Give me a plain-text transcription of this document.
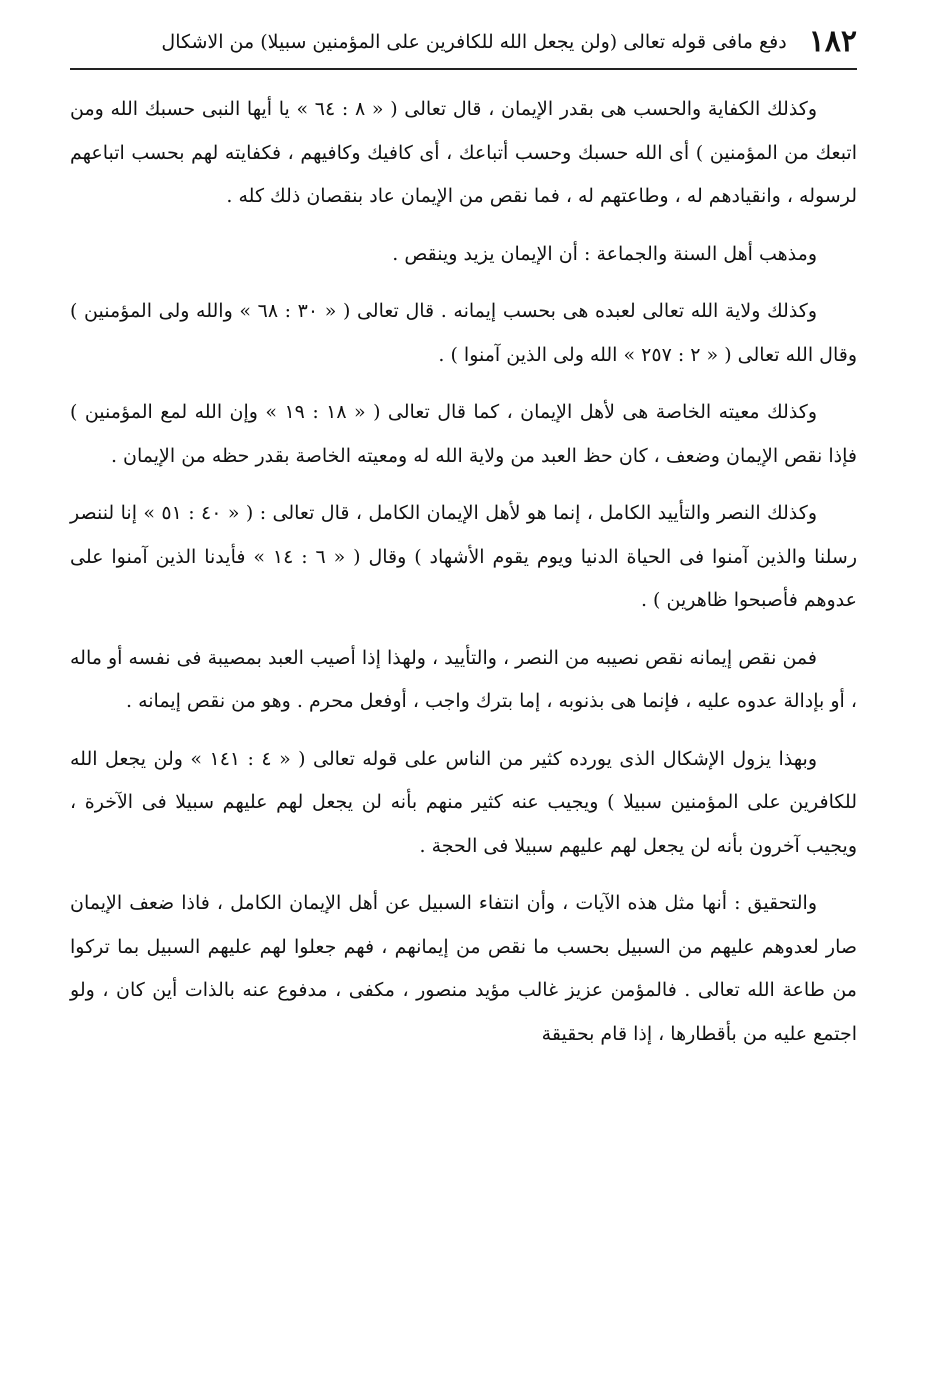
١٨٢
دفع مافى قوله تعالى (ولن يجعل الله للكافرين على المؤمنين سبيلا) من الاشكال

وكذلك الكفاية والحسب هى بقدر الإيمان ، قال تعالى ( « ٨ : ٦٤ » يا أيها النبى حسبك الله ومن اتبعك من المؤمنين ) أى الله حسبك وحسب أتباعك ، أى كافيك وكافيهم ، فكفايته لهم بحسب اتباعهم لرسوله ، وانقيادهم له ، وطاعتهم له ، فما نقص من الإيمان عاد بنقصان ذلك كله .

ومذهب أهل السنة والجماعة : أن الإيمان يزيد وينقص .

وكذلك ولاية الله تعالى لعبده هى بحسب إيمانه . قال تعالى ( « ٣٠ : ٦٨ » والله ولى المؤمنين ) وقال الله تعالى ( « ٢ : ٢٥٧ » الله ولى الذين آمنوا ) .

وكذلك معيته الخاصة هى لأهل الإيمان ، كما قال تعالى ( « ١٨ : ١٩ » وإن الله لمع المؤمنين ) فإذا نقص الإيمان وضعف ، كان حظ العبد من ولاية الله له ومعيته الخاصة بقدر حظه من الإيمان .

وكذلك النصر والتأييد الكامل ، إنما هو لأهل الإيمان الكامل ، قال تعالى : ( « ٤٠ : ٥١ » إنا لننصر رسلنا والذين آمنوا فى الحياة الدنيا ويوم يقوم الأشهاد ) وقال ( « ٦ : ١٤ » فأيدنا الذين آمنوا على عدوهم فأصبحوا ظاهرين ) .

فمن نقص إيمانه نقص نصيبه من النصر ، والتأييد ، ولهذا إذا أصيب العبد بمصيبة فى نفسه أو ماله ، أو بإدالة عدوه عليه ، فإنما هى بذنوبه ، إما بترك واجب ، أوفعل محرم . وهو من نقص إيمانه .

وبهذا يزول الإشكال الذى يورده كثير من الناس على قوله تعالى ( « ٤ : ١٤١ » ولن يجعل الله للكافرين على المؤمنين سبيلا ) ويجيب عنه كثير منهم بأنه لن يجعل لهم عليهم سبيلا فى الآخرة ، ويجيب آخرون بأنه لن يجعل لهم عليهم سبيلا فى الحجة .

والتحقيق : أنها مثل هذه الآيات ، وأن انتفاء السبيل عن أهل الإيمان الكامل ، فاذا ضعف الإيمان صار لعدوهم عليهم من السبيل بحسب ما نقص من إيمانهم ، فهم جعلوا لهم عليهم السبيل بما تركوا من طاعة الله تعالى . فالمؤمن عزيز غالب مؤيد منصور ، مكفى ، مدفوع عنه بالذات أين كان ، ولو اجتمع عليه من بأقطارها ، إذا قام بحقيقة
